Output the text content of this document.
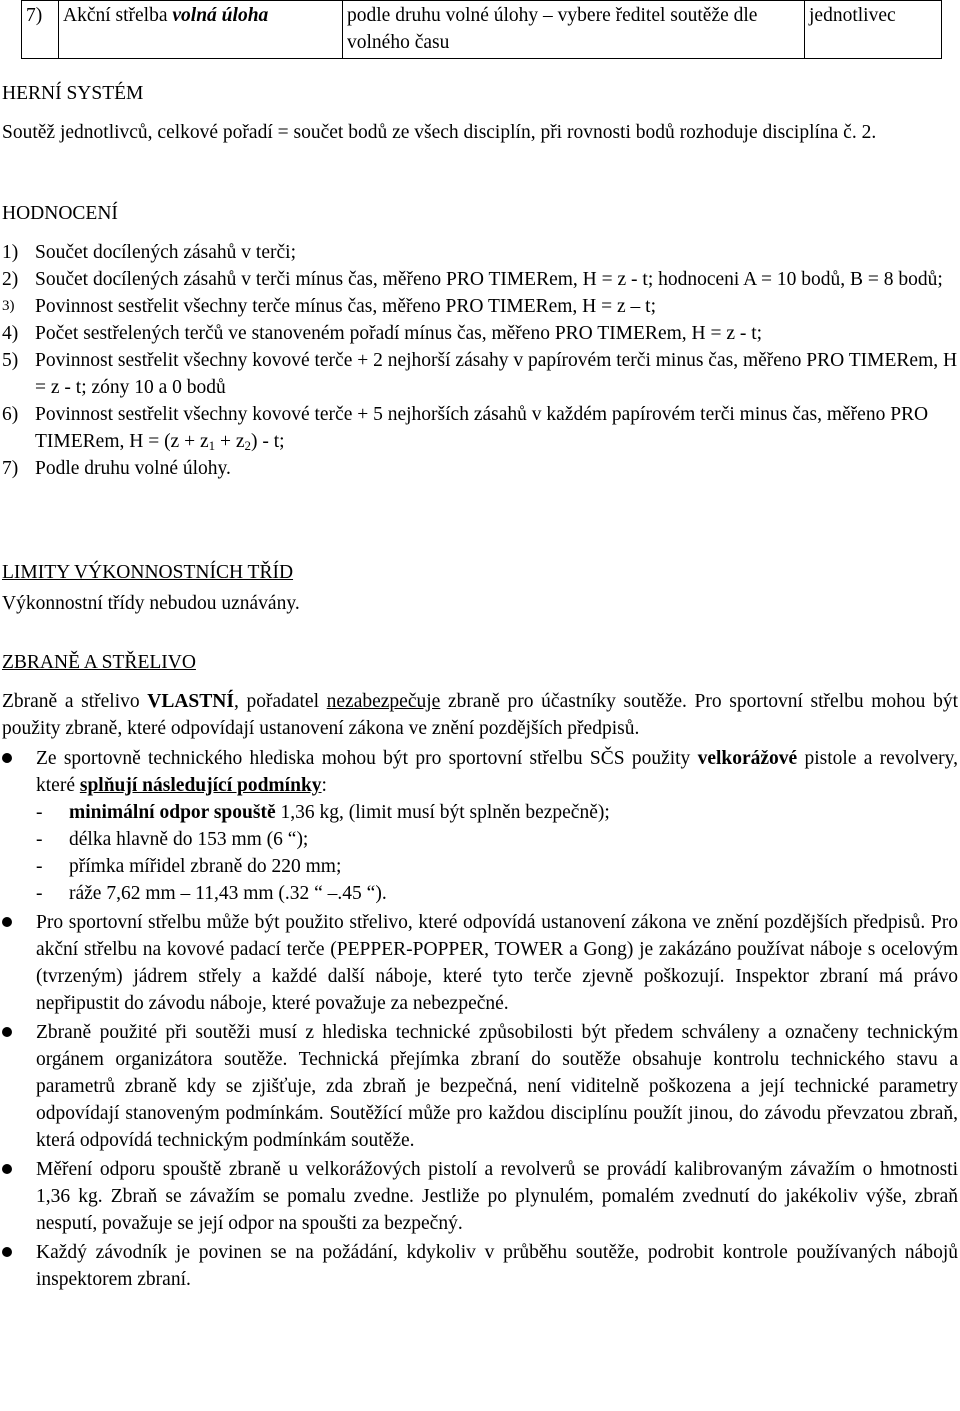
7)	Akční střelba volná úloha	podle druhu volné úlohy – vybere ředitel soutěže dle volného času	jednotlivec
HERNÍ SYSTÉM
Soutěž jednotlivců, celkové pořadí = součet bodů ze všech disciplín, při rovnosti bodů rozhoduje disciplína č. 2.
HODNOCENÍ
1) Součet docílených zásahů v terči;
2) Součet docílených zásahů v terči mínus čas, měřeno PRO TIMERem, H = z - t; hodnoceni A = 10 bodů, B = 8 bodů;
3) Povinnost sestřelit všechny terče mínus čas, měřeno PRO TIMERem, H = z – t;
4) Počet sestřelených terčů ve stanoveném pořadí mínus čas, měřeno PRO TIMERem, H = z - t;
5) Povinnost sestřelit všechny kovové terče + 2 nejhorší zásahy v papírovém terči minus čas, měřeno PRO TIMERem, H = z - t; zóny 10 a 0 bodů
6) Povinnost sestřelit všechny kovové terče + 5 nejhorších zásahů v každém papírovém terči minus čas, měřeno PRO TIMERem, $H = (z + z_1 + z_2) - t$;
7) Podle druhu volné úlohy.
LIMITY VÝKONNOSTNÍCH TŘÍD
Výkonnostní třídy nebudou uznávány.
ZBRANĚ A STŘELIVO
Zbraně a střelivo VLASTNÍ, pořadatel nezabezpečuje zbraně pro účastníky soutěže. Pro sportovní střelbu mohou být použity zbraně, které odpovídají ustanovení zákona ve znění pozdějších předpisů.
Ze sportovně technického hlediska mohou být pro sportovní střelbu SČS použity velkorážové pistole a revolvery, které splňují následující podmínky:
- minimální odpor spouště 1,36 kg, (limit musí být splněn bezpečně);
- délka hlavně do 153 mm (6 “);
- přímka mířidel zbraně do 220 mm;
- ráže 7,62 mm – 11,43 mm (.32 “ –.45 “).
Pro sportovní střelbu může být použito střelivo, které odpovídá ustanovení zákona ve znění pozdějších předpisů. Pro akční střelbu na kovové padací terče (PEPPER-POPPER, TOWER a Gong) je zakázáno používat náboje s ocelovým (tvrzeným) jádrem střely a každé další náboje, které tyto terče zjevně poškozují. Inspektor zbraní má právo nepřipustit do závodu náboje, které považuje za nebezpečné.
Zbraně použité při soutěži musí z hlediska technické způsobilosti být předem schváleny a označeny technickým orgánem organizátora soutěže. Technická přejímka zbraní do soutěže obsahuje kontrolu technického stavu a parametrů zbraně kdy se zjišťuje, zda zbraň je bezpečná, není viditelně poškozena a její technické parametry odpovídají stanoveným podmínkám. Soutěžící může pro každou disciplínu použít jinou, do závodu převzatou zbraň, která odpovídá technickým podmínkám soutěže.
Měření odporu spouště zbraně u velkorážových pistolí a revolverů se provádí kalibrovaným závažím o hmotnosti 1,36 kg. Zbraň se závažím se pomalu zvedne. Jestliže po plynulém, pomalém zvednutí do jakékoliv výše, zbraň nesputí, považuje se její odpor na spoušti za bezpečný.
Každý závodník je povinen se na požádání, kdykoliv v průběhu soutěže, podrobit kontrole používaných nábojů inspektorem zbraní.
